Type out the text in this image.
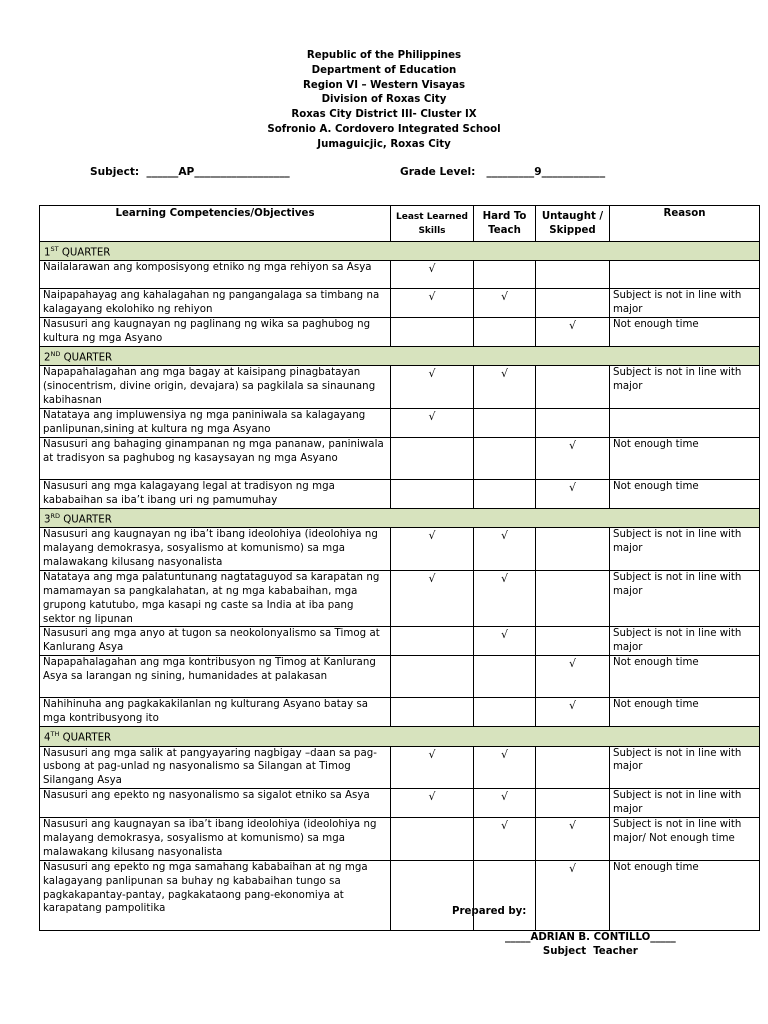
Republic of the Philippines
Department of Education
Region VI – Western Visayas
Division of Roxas City
Roxas City District III- Cluster IX
Sofronio A. Cordovero Integrated School
Jumaguicjic, Roxas City
Subject:  ______AP__________________	Grade Level:   _________9____________
Learning Competencies/Objectives	Least Learned Skills	Hard To Teach	Untaught / Skipped	Reason
1ST QUARTER				
Nailalarawan ang komposisyong etniko ng mga rehiyon sa Asya	√			
Naipapahayag ang kahalagahan ng pangangalaga sa timbang na kalagayang ekolohiko ng rehiyon	√	√		Subject is not in line with major
Nasusuri ang kaugnayan ng paglinang ng wika sa paghubog ng kultura ng mga Asyano			√	Not enough time
2ND QUARTER				
Napapahalagahan ang mga bagay at kaisipang pinagbatayan (sinocentrism, divine origin, devajara) sa pagkilala sa sinaunang kabihasnan	√	√		Subject is not in line with major
Natataya ang impluwensiya ng mga paniniwala sa kalagayang panlipunan,sining at kultura ng mga Asyano	√			
Nasusuri ang bahaging ginampanan ng mga pananaw, paniniwala at tradisyon sa paghubog ng kasaysayan ng mga Asyano			√	Not enough time
Nasusuri ang mga kalagayang legal at tradisyon ng mga kababaihan sa iba’t ibang uri ng pamumuhay			√	Not enough time
3RD QUARTER				
Nasusuri ang kaugnayan ng iba’t ibang ideolohiya (ideolohiya ng malayang demokrasya, sosyalismo at komunismo) sa mga malawakang kilusang nasyonalista	√	√		Subject is not in line with major
Natataya ang mga palatuntunang nagtataguyod sa karapatan ng mamamayan sa pangkalahatan, at ng mga kababaihan, mga grupong katutubo, mga kasapi ng caste sa India at iba pang sektor ng lipunan	√	√		Subject is not in line with major
Nasusuri ang mga anyo at tugon sa neokolonyalismo sa Timog at Kanlurang Asya		√		Subject is not in line with major
Napapahalagahan ang mga kontribusyon ng Timog at Kanlurang Asya sa larangan ng sining, humanidades at palakasan			√	Not enough time
Nahihinuha ang pagkakakilanlan ng kulturang Asyano batay sa mga kontribusyong ito			√	Not enough time
4TH QUARTER				
Nasusuri ang mga salik at pangyayaring nagbigay –daan sa pag-usbong at pag-unlad ng nasyonalismo sa Silangan at Timog Silangang Asya	√	√		Subject is not in line with major
Nasusuri ang epekto ng nasyonalismo sa sigalot etniko sa Asya	√	√		Subject is not in line with major
Nasusuri ang kaugnayan sa iba’t ibang ideolohiya (ideolohiya ng malayang demokrasya, sosyalismo at komunismo) sa mga malawakang kilusang nasyonalista		√	√	Subject is not in line with major/ Not enough time
Nasusuri ang epekto ng mga samahang kababaihan at ng mga kalagayang panlipunan sa buhay ng kababaihan tungo sa pagkakapantay-pantay, pagkakataong pang-ekonomiya at karapatang pampolitika			√	Not enough time
Prepared by:
_____ADRIAN B. CONTILLO_____
Subject  Teacher
